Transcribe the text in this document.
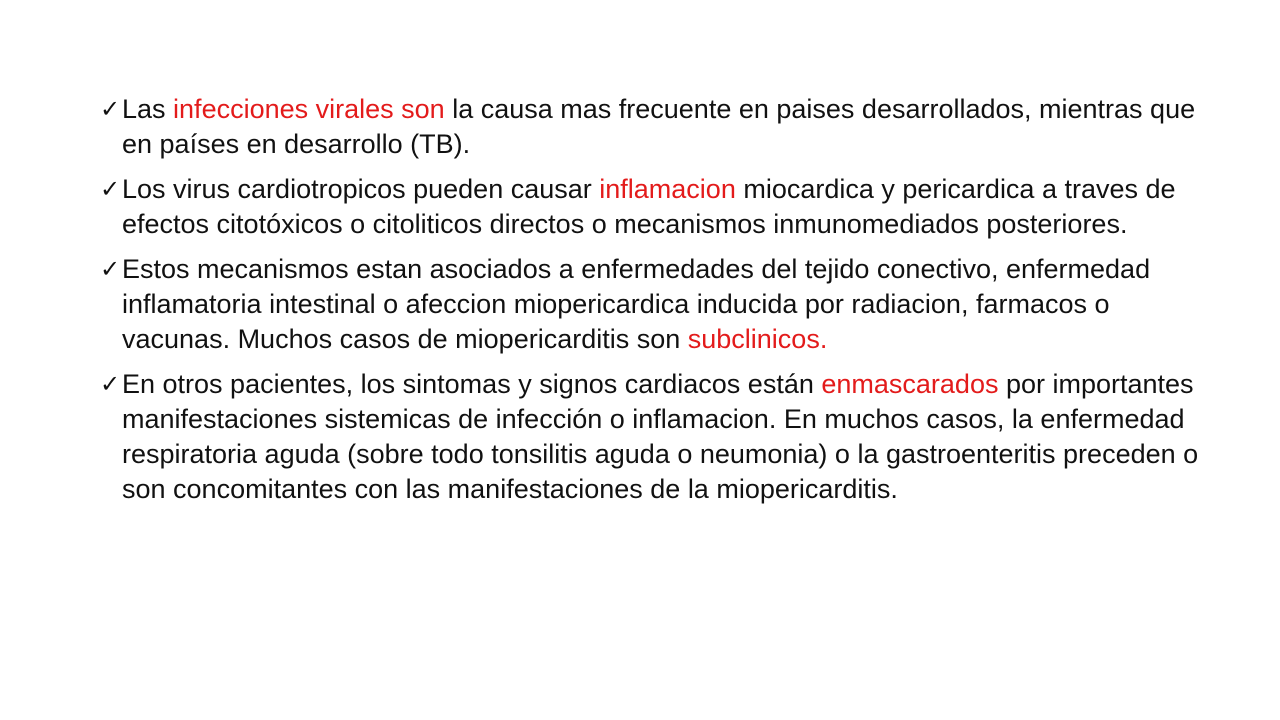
✓ Las infecciones virales son la causa mas frecuente en paises desarrollados, mientras que en países en desarrollo (TB).
✓ Los virus cardiotropicos pueden causar inflamacion miocardica y pericardica a traves de efectos citotóxicos o citoliticos directos o mecanismos inmunomediados posteriores.
✓ Estos mecanismos estan asociados a enfermedades del tejido conectivo, enfermedad inflamatoria intestinal o afeccion miopericardica inducida por radiacion, farmacos o vacunas. Muchos casos de miopericarditis son subclinicos.
✓ En otros pacientes, los sintomas y signos cardiacos están enmascarados por importantes manifestaciones sistemicas de infección o inflamacion. En muchos casos, la enfermedad respiratoria aguda (sobre todo tonsilitis aguda o neumonia) o la gastroenteritis preceden o son concomitantes con las manifestaciones de la miopericarditis.
